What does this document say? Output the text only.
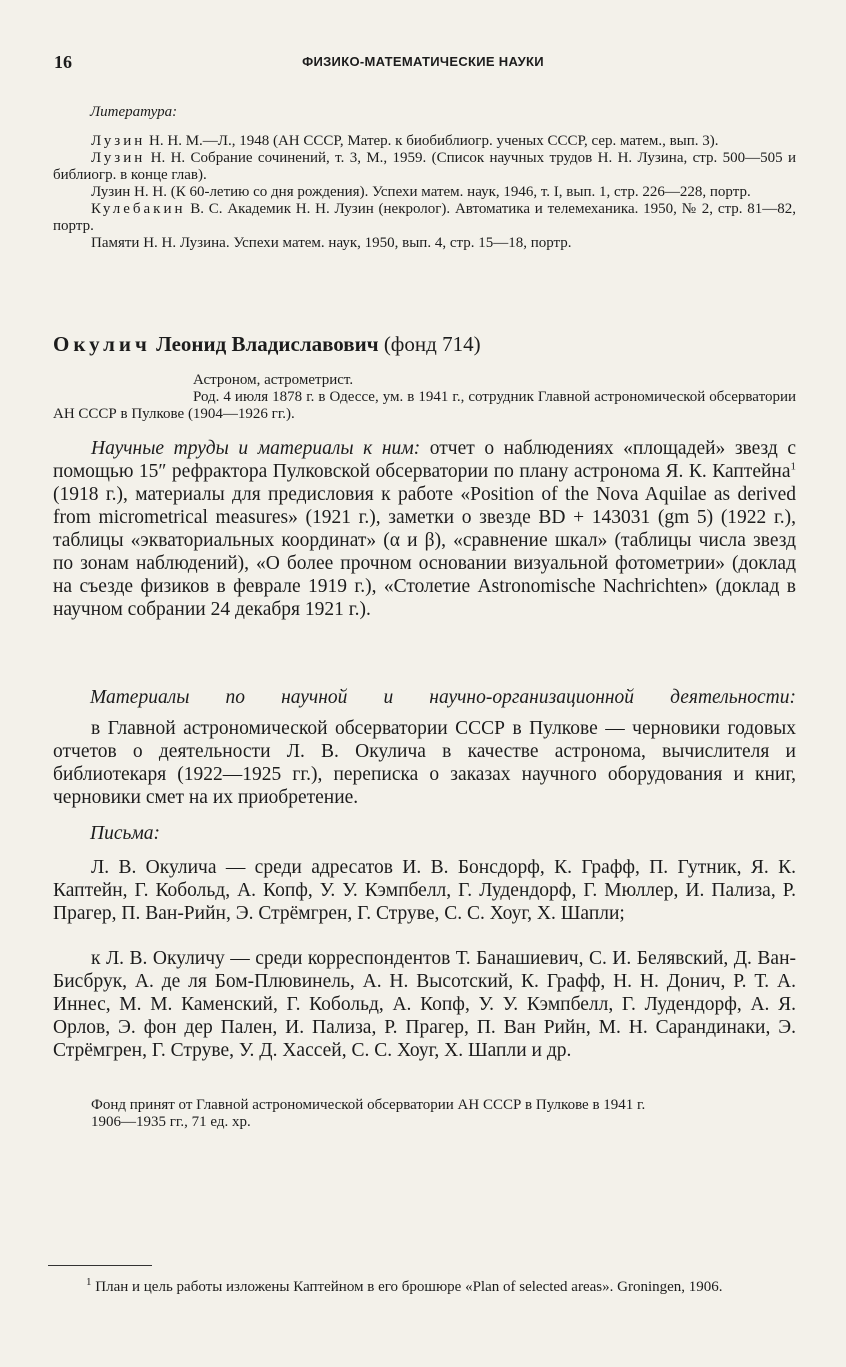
16	ФИЗИКО-МАТЕМАТИЧЕСКИЕ НАУКИ
Литература:

Лузин Н. Н. М.—Л., 1948 (АН СССР, Матер. к биобиблиогр. ученых СССР, сер. матем., вып. 3).

Лузин Н. Н. Собрание сочинений, т. 3, М., 1959. (Список научных трудов Н. Н. Лузина, стр. 500—505 и библиогр. в конце глав).

Лузин Н. Н. (К 60-летию со дня рождения). Успехи матем. наук, 1946, т. I, вып. 1, стр. 226—228, портр.

Кулебакин В. С. Академик Н. Н. Лузин (некролог). Автоматика и телемеханика. 1950, № 2, стр. 81—82, портр.

Памяти Н. Н. Лузина. Успехи матем. наук, 1950, вып. 4, стр. 15—18, портр.

Окулич Леонид Владиславович (фонд 714)

Астроном, астрометрист.

Род. 4 июля 1878 г. в Одессе, ум. в 1941 г., сотрудник Главной астрономической обсерватории АН СССР в Пулкове (1904—1926 гг.).

Научные труды и материалы к ним: отчет о наблюдениях «площадей» звезд с помощью 15″ рефрактора Пулковской обсерватории по плану астронома Я. К. Каптейна$^1$ (1918 г.), материалы для предисловия к работе «Position of the Nova Aquilae as derived from micrometrical measures» (1921 г.), заметки о звезде BD + 143031 (gm 5) (1922 г.), таблицы «экваториальных координат» (α и β), «сравнение шкал» (таблицы числа звезд по зонам наблюдений), «О более прочном основании визуальной фотометрии» (доклад на съезде физиков в феврале 1919 г.), «Столетие Astronomische Nachrichten» (доклад в научном собрании 24 декабря 1921 г.).

Материалы по научной и научно-организационной деятельности:

в Главной астрономической обсерватории СССР в Пулкове — черновики годовых отчетов о деятельности Л. В. Окулича в качестве астронома, вычислителя и библиотекаря (1922—1925 гг.), переписка о заказах научного оборудования и книг, черновики смет на их приобретение.

Письма:

Л. В. Окулича — среди адресатов И. В. Бонсдорф, К. Графф, П. Гутник, Я. К. Каптейн, Г. Кобольд, А. Копф, У. У. Кэмпбелл, Г. Лудендорф, Г. Мюллер, И. Пализа, Р. Прагер, П. Ван-Рийн, Э. Стрёмгрен, Г. Струве, С. С. Хоуг, Х. Шапли;

к Л. В. Окуличу — среди корреспондентов Т. Банашиевич, С. И. Белявский, Д. Ван-Бисбрук, А. де ля Бом-Плювинель, А. Н. Высотский, К. Графф, Н. Н. Донич, Р. Т. А. Иннес, М. М. Каменский, Г. Кобольд, А. Копф, У. У. Кэмпбелл, Г. Лудендорф, А. Я. Орлов, Э. фон дер Пален, И. Пализа, Р. Прагер, П. Ван Рийн, М. Н. Сарандинаки, Э. Стрёмгрен, Г. Струве, У. Д. Хассей, С. С. Хоуг, Х. Шапли и др.

Фонд принят от Главной астрономической обсерватории АН СССР в Пулкове в 1941 г.

1906—1935 гг., 71 ед. хр.

$^1$ План и цель работы изложены Каптейном в его брошюре «Plan of selected areas». Groningen, 1906.
